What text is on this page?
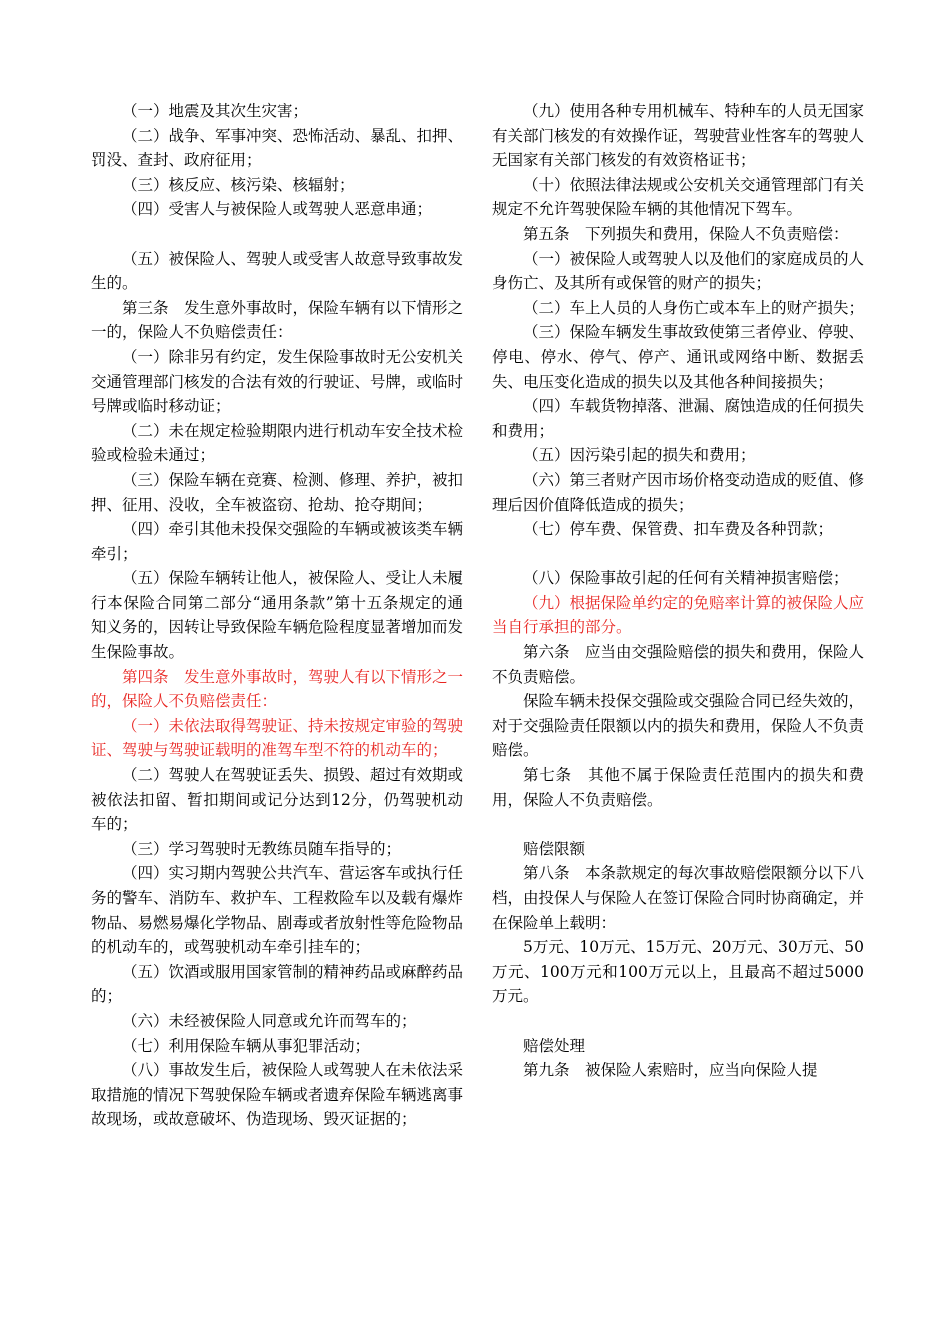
（一）地震及其次生灾害；

（二）战争、军事冲突、恐怖活动、暴乱、扣押、罚没、查封、政府征用；

（三）核反应、核污染、核辐射；

（四）受害人与被保险人或驾驶人恶意串通；

（五）被保险人、驾驶人或受害人故意导致事故发生的。

第三条　发生意外事故时，保险车辆有以下情形之一的，保险人不负赔偿责任：

（一）除非另有约定，发生保险事故时无公安机关交通管理部门核发的合法有效的行驶证、号牌，或临时号牌或临时移动证；

（二）未在规定检验期限内进行机动车安全技术检验或检验未通过；

（三）保险车辆在竞赛、检测、修理、养护，被扣押、征用、没收，全车被盗窃、抢劫、抢夺期间；

（四）牵引其他未投保交强险的车辆或被该类车辆牵引；

（五）保险车辆转让他人，被保险人、受让人未履行本保险合同第二部分“通用条款”第十五条规定的通知义务的，因转让导致保险车辆危险程度显著增加而发生保险事故。

第四条　发生意外事故时，驾驶人有以下情形之一的，保险人不负赔偿责任：

（一）未依法取得驾驶证、持未按规定审验的驾驶证、驾驶与驾驶证载明的准驾车型不符的机动车的；

（二）驾驶人在驾驶证丢失、损毁、超过有效期或被依法扣留、暂扣期间或记分达到12分，仍驾驶机动车的；

（三）学习驾驶时无教练员随车指导的；

（四）实习期内驾驶公共汽车、营运客车或执行任务的警车、消防车、救护车、工程救险车以及载有爆炸物品、易燃易爆化学物品、剧毒或者放射性等危险物品的机动车的，或驾驶机动车牵引挂车的；

（五）饮酒或服用国家管制的精神药品或麻醉药品的；

（六）未经被保险人同意或允许而驾车的；

（七）利用保险车辆从事犯罪活动；

（八）事故发生后，被保险人或驾驶人在未依法采取措施的情况下驾驶保险车辆或者遗弃保险车辆逃离事故现场，或故意破坏、伪造现场、毁灭证据的；

（九）使用各种专用机械车、特种车的人员无国家有关部门核发的有效操作证，驾驶营业性客车的驾驶人无国家有关部门核发的有效资格证书；

（十）依照法律法规或公安机关交通管理部门有关规定不允许驾驶保险车辆的其他情况下驾车。

第五条　下列损失和费用，保险人不负责赔偿：

（一）被保险人或驾驶人以及他们的家庭成员的人身伤亡、及其所有或保管的财产的损失；

（二）车上人员的人身伤亡或本车上的财产损失；

（三）保险车辆发生事故致使第三者停业、停驶、停电、停水、停气、停产、通讯或网络中断、数据丢失、电压变化造成的损失以及其他各种间接损失；

（四）车载货物掉落、泄漏、腐蚀造成的任何损失和费用；

（五）因污染引起的损失和费用；

（六）第三者财产因市场价格变动造成的贬值、修理后因价值降低造成的损失；

（七）停车费、保管费、扣车费及各种罚款；

（八）保险事故引起的任何有关精神损害赔偿；

（九）根据保险单约定的免赔率计算的被保险人应当自行承担的部分。

第六条　应当由交强险赔偿的损失和费用，保险人不负责赔偿。

保险车辆未投保交强险或交强险合同已经失效的，对于交强险责任限额以内的损失和费用，保险人不负责赔偿。

第七条　其他不属于保险责任范围内的损失和费用，保险人不负责赔偿。

赔偿限额

第八条　本条款规定的每次事故赔偿限额分以下八档，由投保人与保险人在签订保险合同时协商确定，并在保险单上载明：

5万元、10万元、15万元、20万元、30万元、50万元、100万元和100万元以上，且最高不超过5000万元。

赔偿处理

第九条　被保险人索赔时，应当向保险人提
